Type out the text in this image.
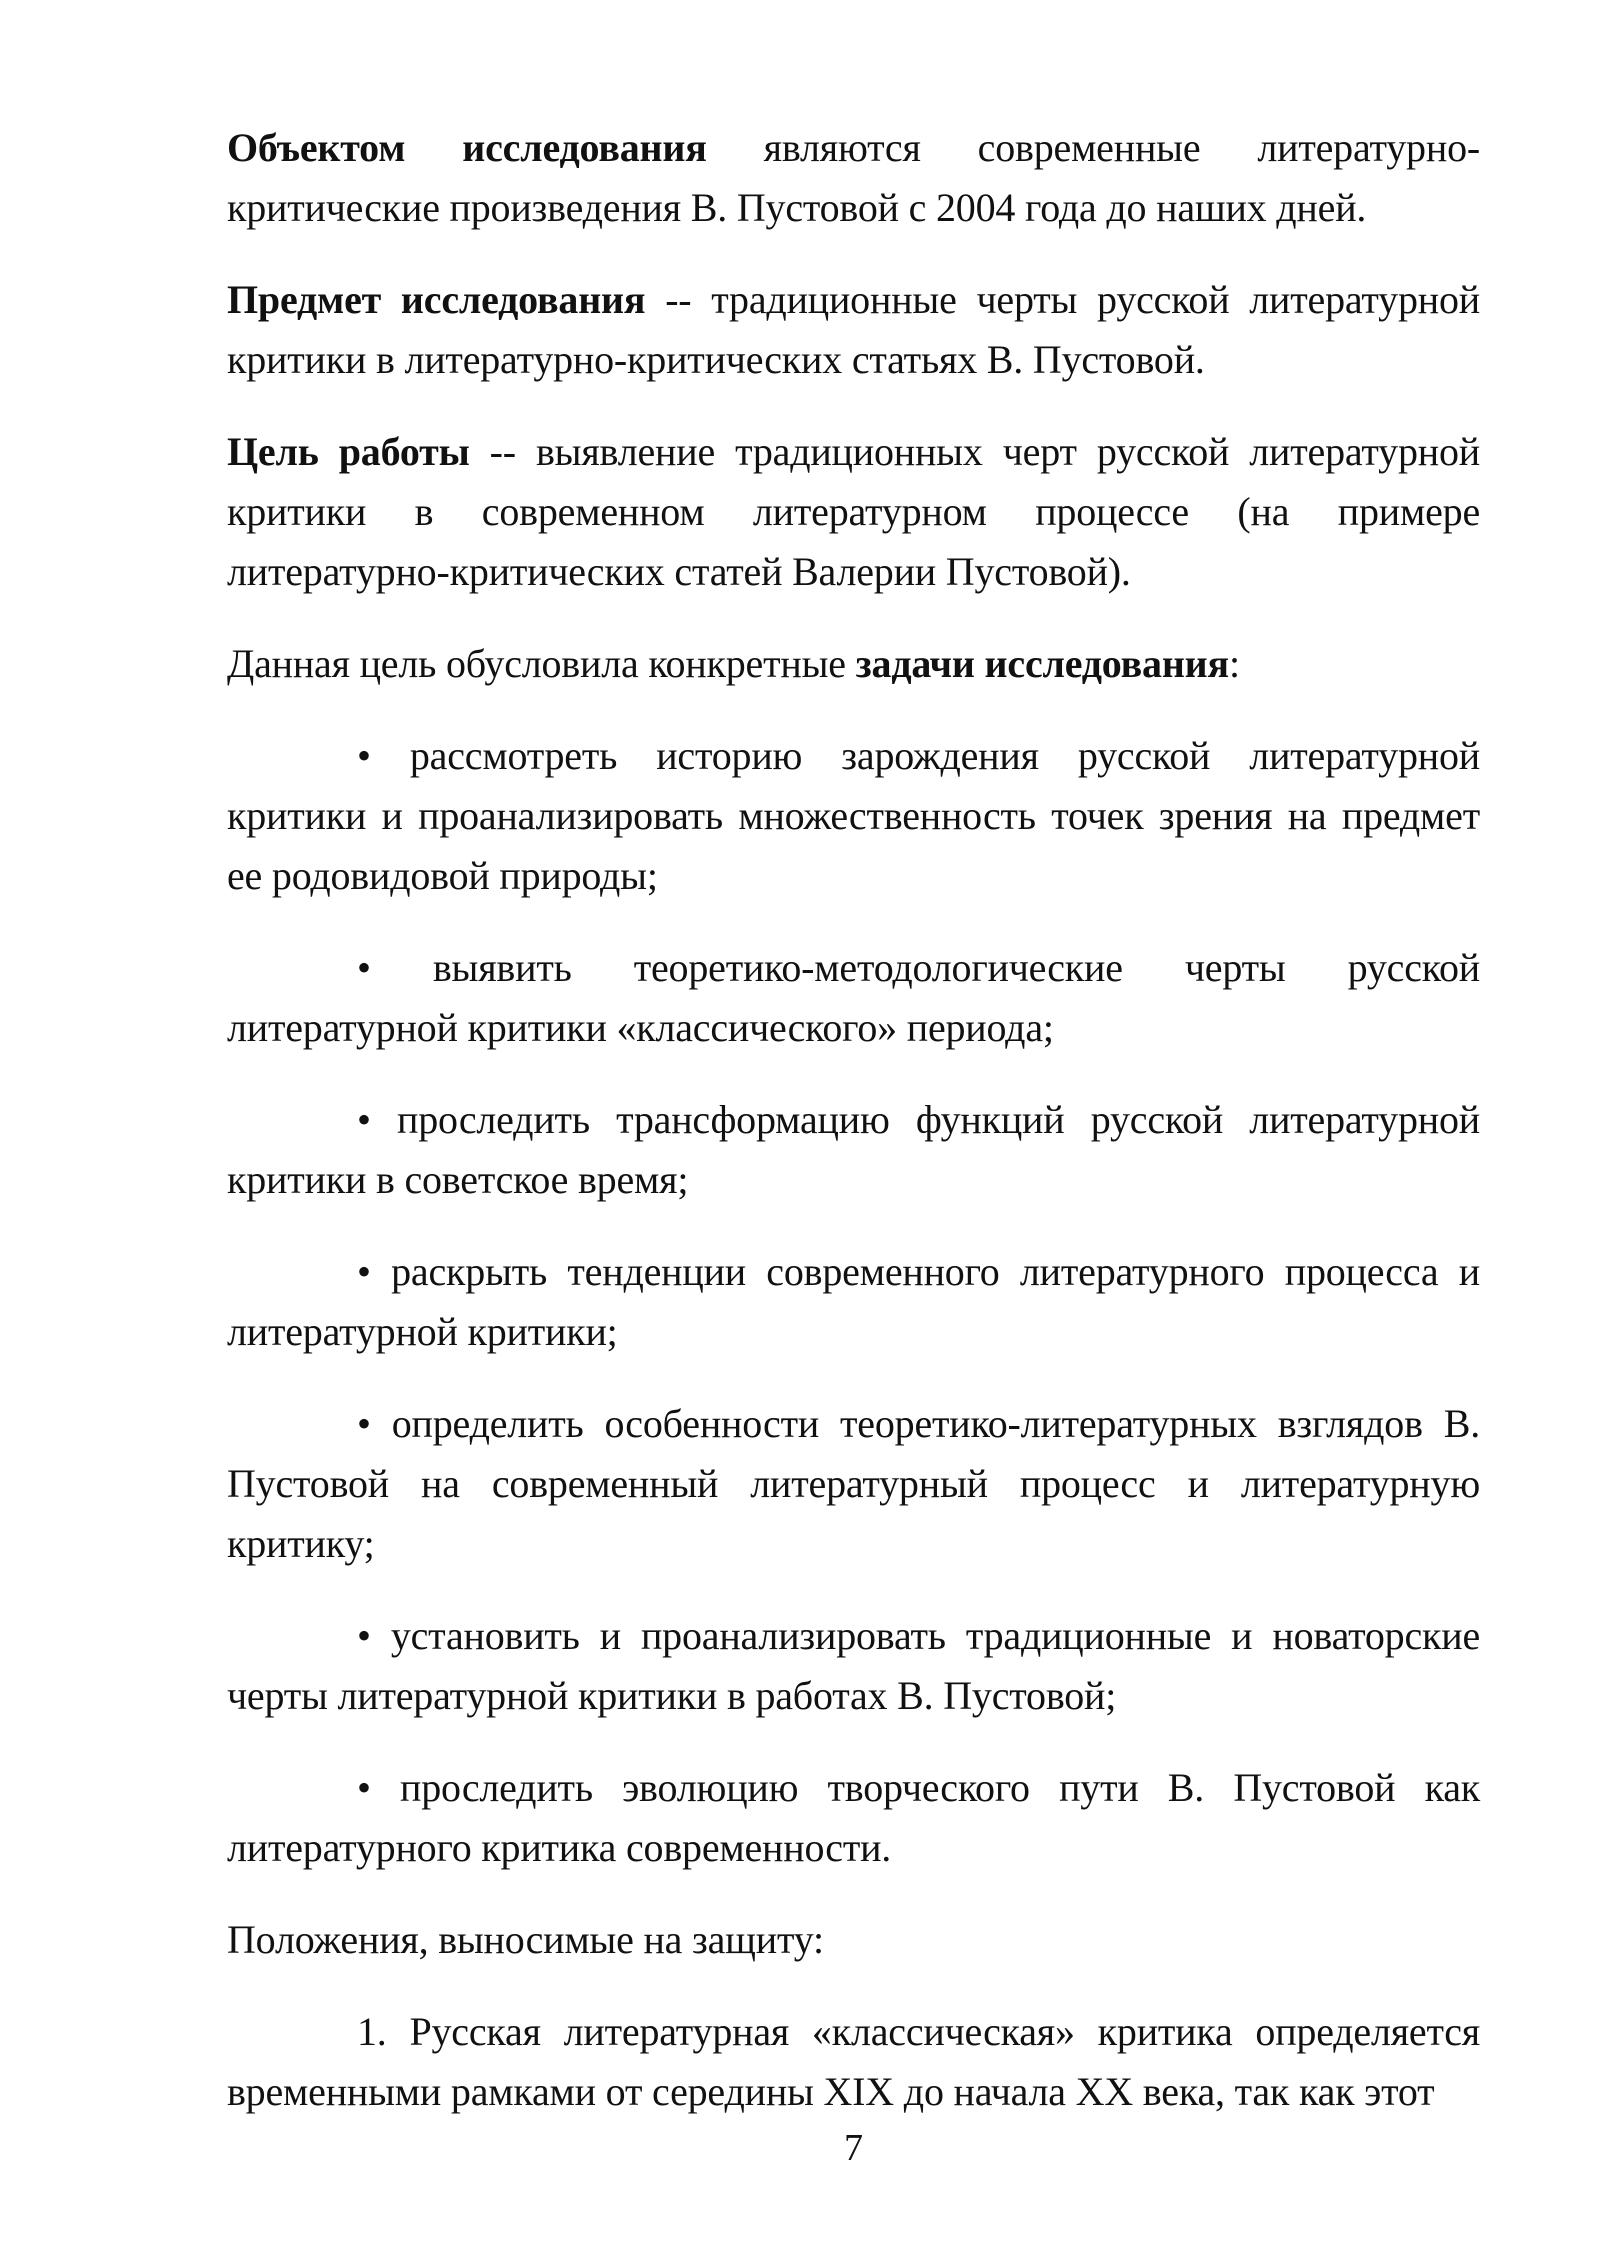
Объектом исследования являются современные литературно- критические произведения В. Пустовой с 2004 года до наших дней.

Предмет исследования -- традиционные черты русской литературной критики в литературно-критических статьях В. Пустовой.

Цель работы -- выявление традиционных черт русской литературной критики в современном литературном процессе (на примере литературно-критических статей Валерии Пустовой).

Данная цель обусловила конкретные задачи исследования:

• рассмотреть историю зарождения русской литературной критики и проанализировать множественность точек зрения на предмет ее родовидовой природы;

• выявить теоретико-методологические черты русской литературной критики «классического» периода;

• проследить трансформацию функций русской литературной критики в советское время;

• раскрыть тенденции современного литературного процесса и литературной критики;

• определить особенности теоретико-литературных взглядов В. Пустовой на современный литературный процесс и литературную критику;

• установить и проанализировать традиционные и новаторские черты литературной критики в работах В. Пустовой;

• проследить эволюцию творческого пути В. Пустовой как литературного критика современности.

Положения, выносимые на защиту:

1. Русская литературная «классическая» критика определяется временными рамками от середины XIX до начала XX века, так как этот

7
